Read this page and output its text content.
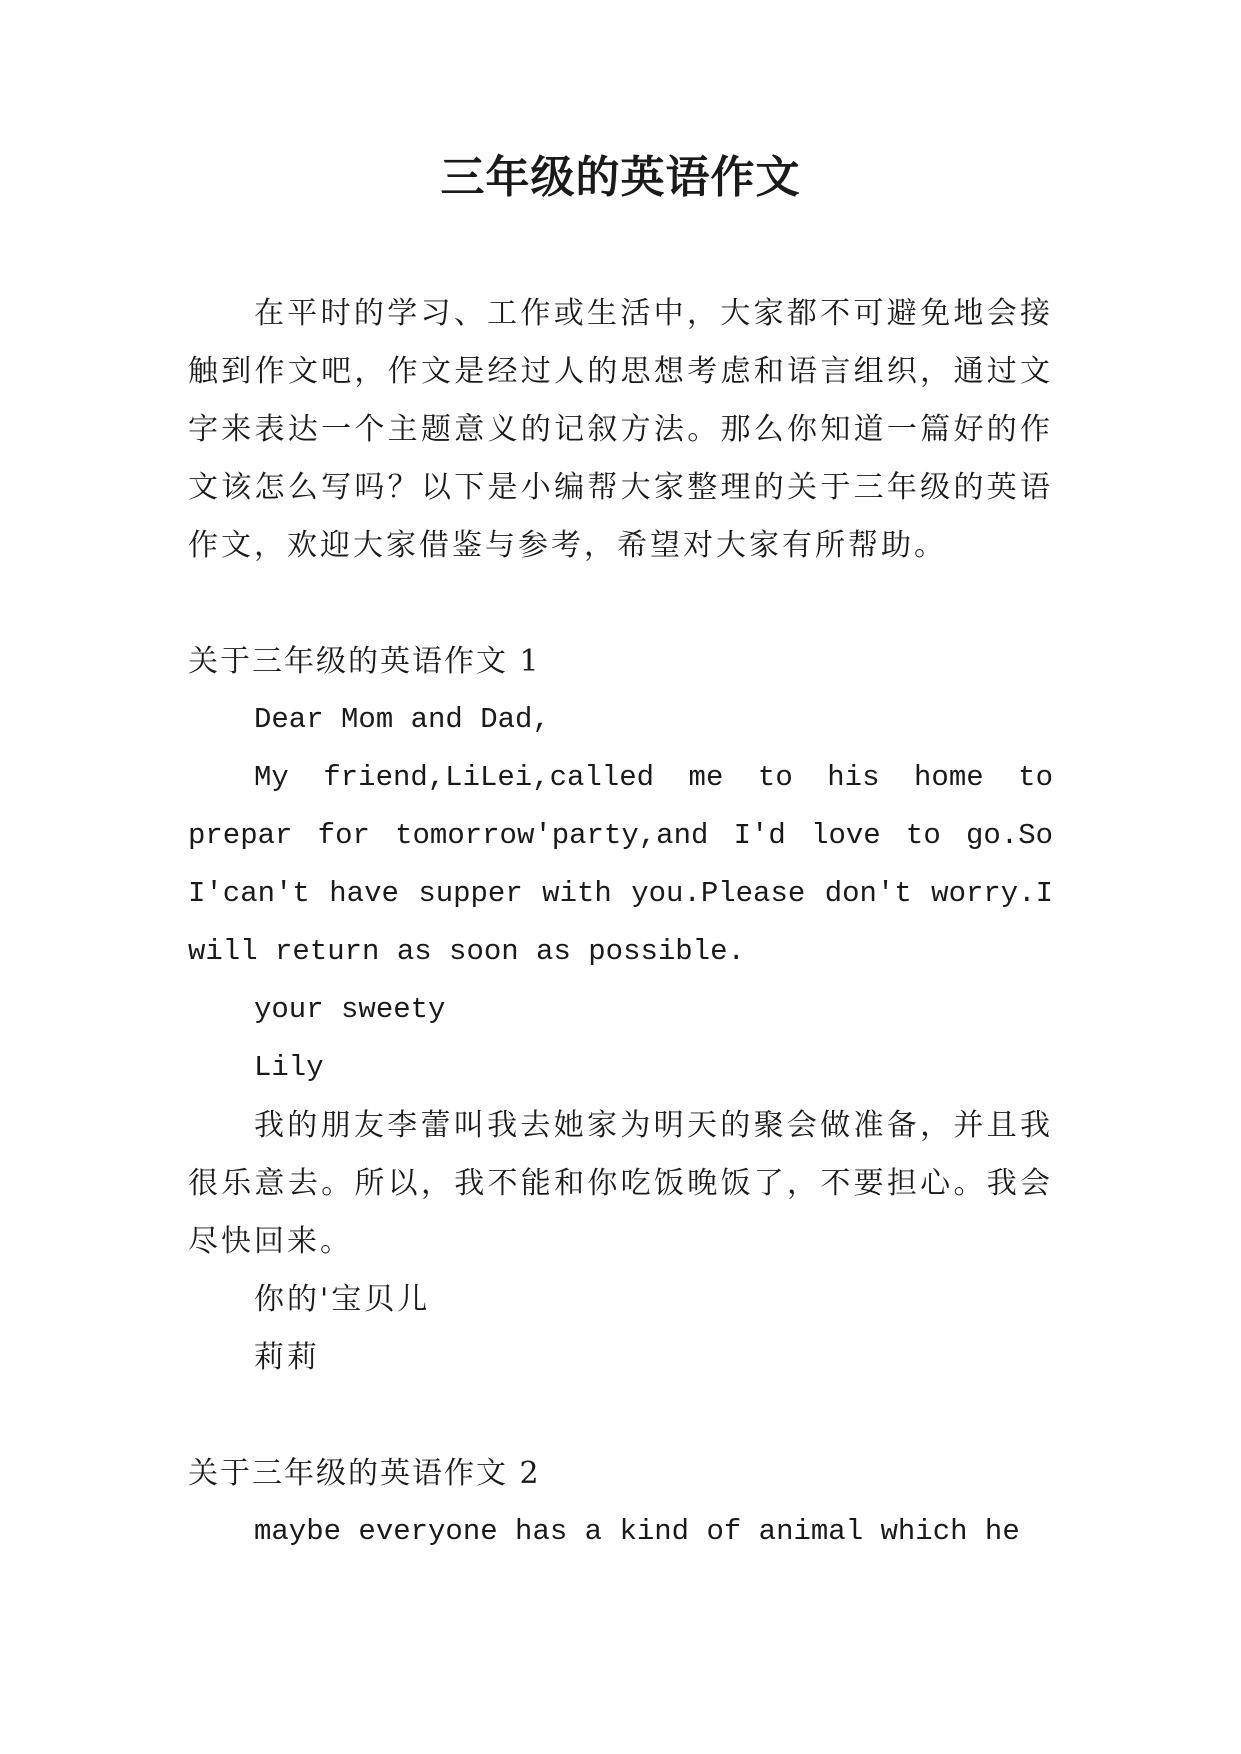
三年级的英语作文

在平时的学习、工作或生活中，大家都不可避免地会接触到作文吧，作文是经过人的思想考虑和语言组织，通过文字来表达一个主题意义的记叙方法。那么你知道一篇好的作文该怎么写吗？以下是小编帮大家整理的关于三年级的英语作文，欢迎大家借鉴与参考，希望对大家有所帮助。

关于三年级的英语作文 1

Dear Mom and Dad,

My friend,LiLei,called me to his home to prepar for tomorrow'party,and I'd love to go.So I'can't have supper with you.Please don't worry.I will return as soon as possible.

your sweety

Lily

我的朋友李蕾叫我去她家为明天的聚会做准备，并且我很乐意去。所以，我不能和你吃饭晚饭了，不要担心。我会尽快回来。

你的'宝贝儿

莉莉

关于三年级的英语作文 2

maybe everyone has a kind of animal which he
